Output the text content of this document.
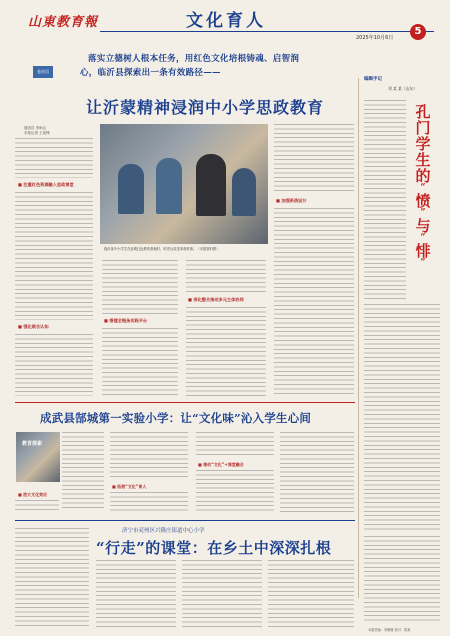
山東教育報	文化育人
2025年10月6日
5
卷首语
落实立德树人根本任务，用红色文化培根铸魂、启智润
心，临沂县探索出一条有效路径——
让沂蒙精神浸润中小学思政教育
通讯员 李雨山
本报记者 王延锋
■ 注重红色资源融入思政课堂
■ 强化联合认知
临沂某中小学生在参观红色教育基地时，听老兵讲述革命故事。（本报资料图）
■ 搭建全链条实践平台
■ 深化整合推动多元主体协同
■ 加强系统设计
编辑手记
刘 某 某（山东）
孔
门
学
生
的
“
愤
”
与
“
悱
”
成武县郜城第一实验小学：让“文化味”沁入学生心间
教育探索
■ 放大文化效应
■ 拓展“文化”育人
■ 推动“文化”+课堂融合
济宁市兖州区兴隆庄街道中心小学
“行走”的课堂：在乡土中深深扎根
本版责编：李姗姗 校对：陈某
